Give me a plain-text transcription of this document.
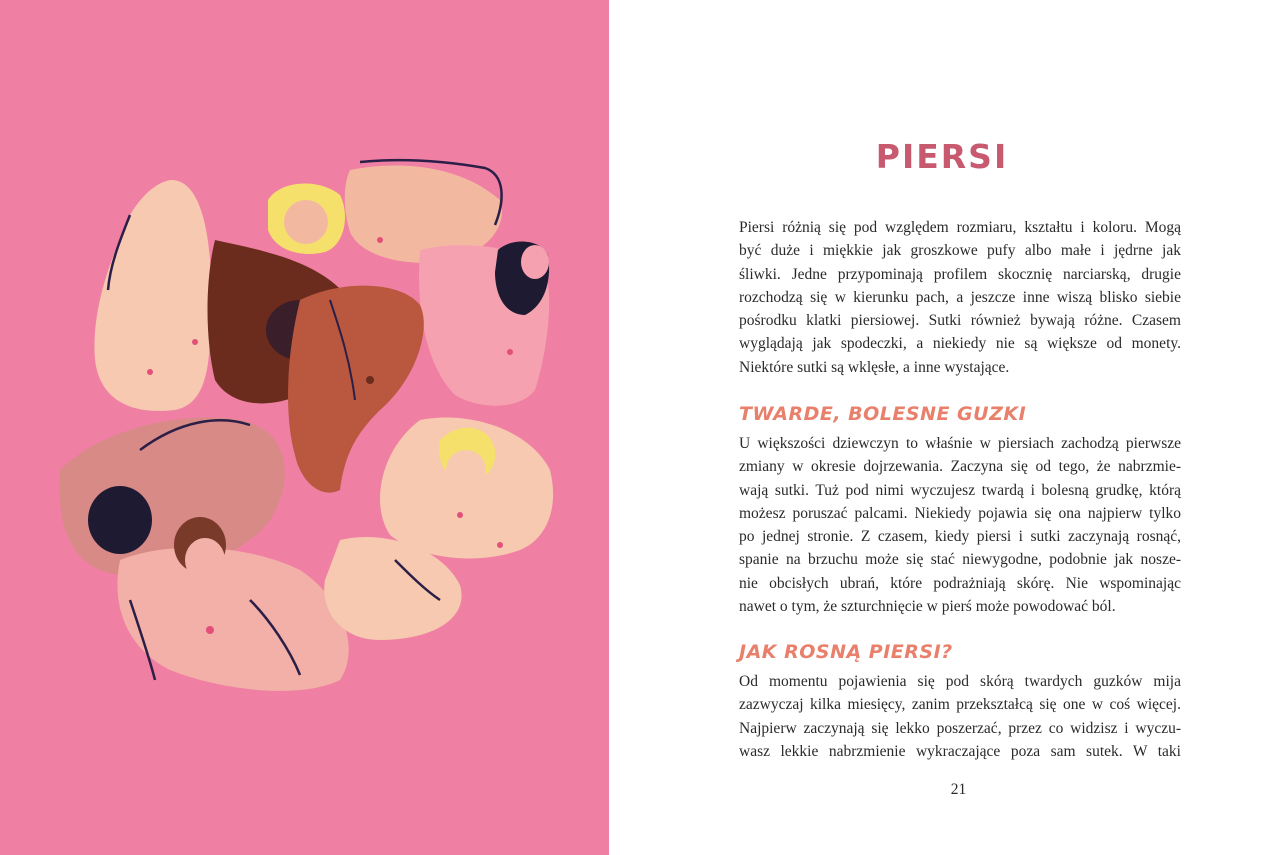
PIERSI

Piersi różnią się pod względem rozmiaru, kształtu i koloru. Mogą
być duże i miękkie jak groszkowe pufy albo małe i jędrne jak
śliwki. Jedne przypominają profilem skocznię narciarską, drugie
rozchodzą się w kierunku pach, a jeszcze inne wiszą blisko siebie
pośrodku klatki piersiowej. Sutki również bywają różne. Czasem
wyglądają jak spodeczki, a niekiedy nie są większe od monety.
Niektóre sutki są wklęsłe, a inne wystające.

TWARDE, BOLESNE GUZKI

U większości dziewczyn to właśnie w piersiach zachodzą pierwsze
zmiany w okresie dojrzewania. Zaczyna się od tego, że nabrzmie-
wają sutki. Tuż pod nimi wyczujesz twardą i bolesną grudkę, którą
możesz poruszać palcami. Niekiedy pojawia się ona najpierw tylko
po jednej stronie. Z czasem, kiedy piersi i sutki zaczynają rosnąć,
spanie na brzuchu może się stać niewygodne, podobnie jak nosze-
nie obcisłych ubrań, które podrażniają skórę. Nie wspominając
nawet o tym, że szturchnięcie w pierś może powodować ból.

JAK ROSNĄ PIERSI?

Od momentu pojawienia się pod skórą twardych guzków mija
zazwyczaj kilka miesięcy, zanim przekształcą się one w coś więcej.
Najpierw zaczynają się lekko poszerzać, przez co widzisz i wyczu-
wasz lekkie nabrzmienie wykraczające poza sam sutek. W taki

21
